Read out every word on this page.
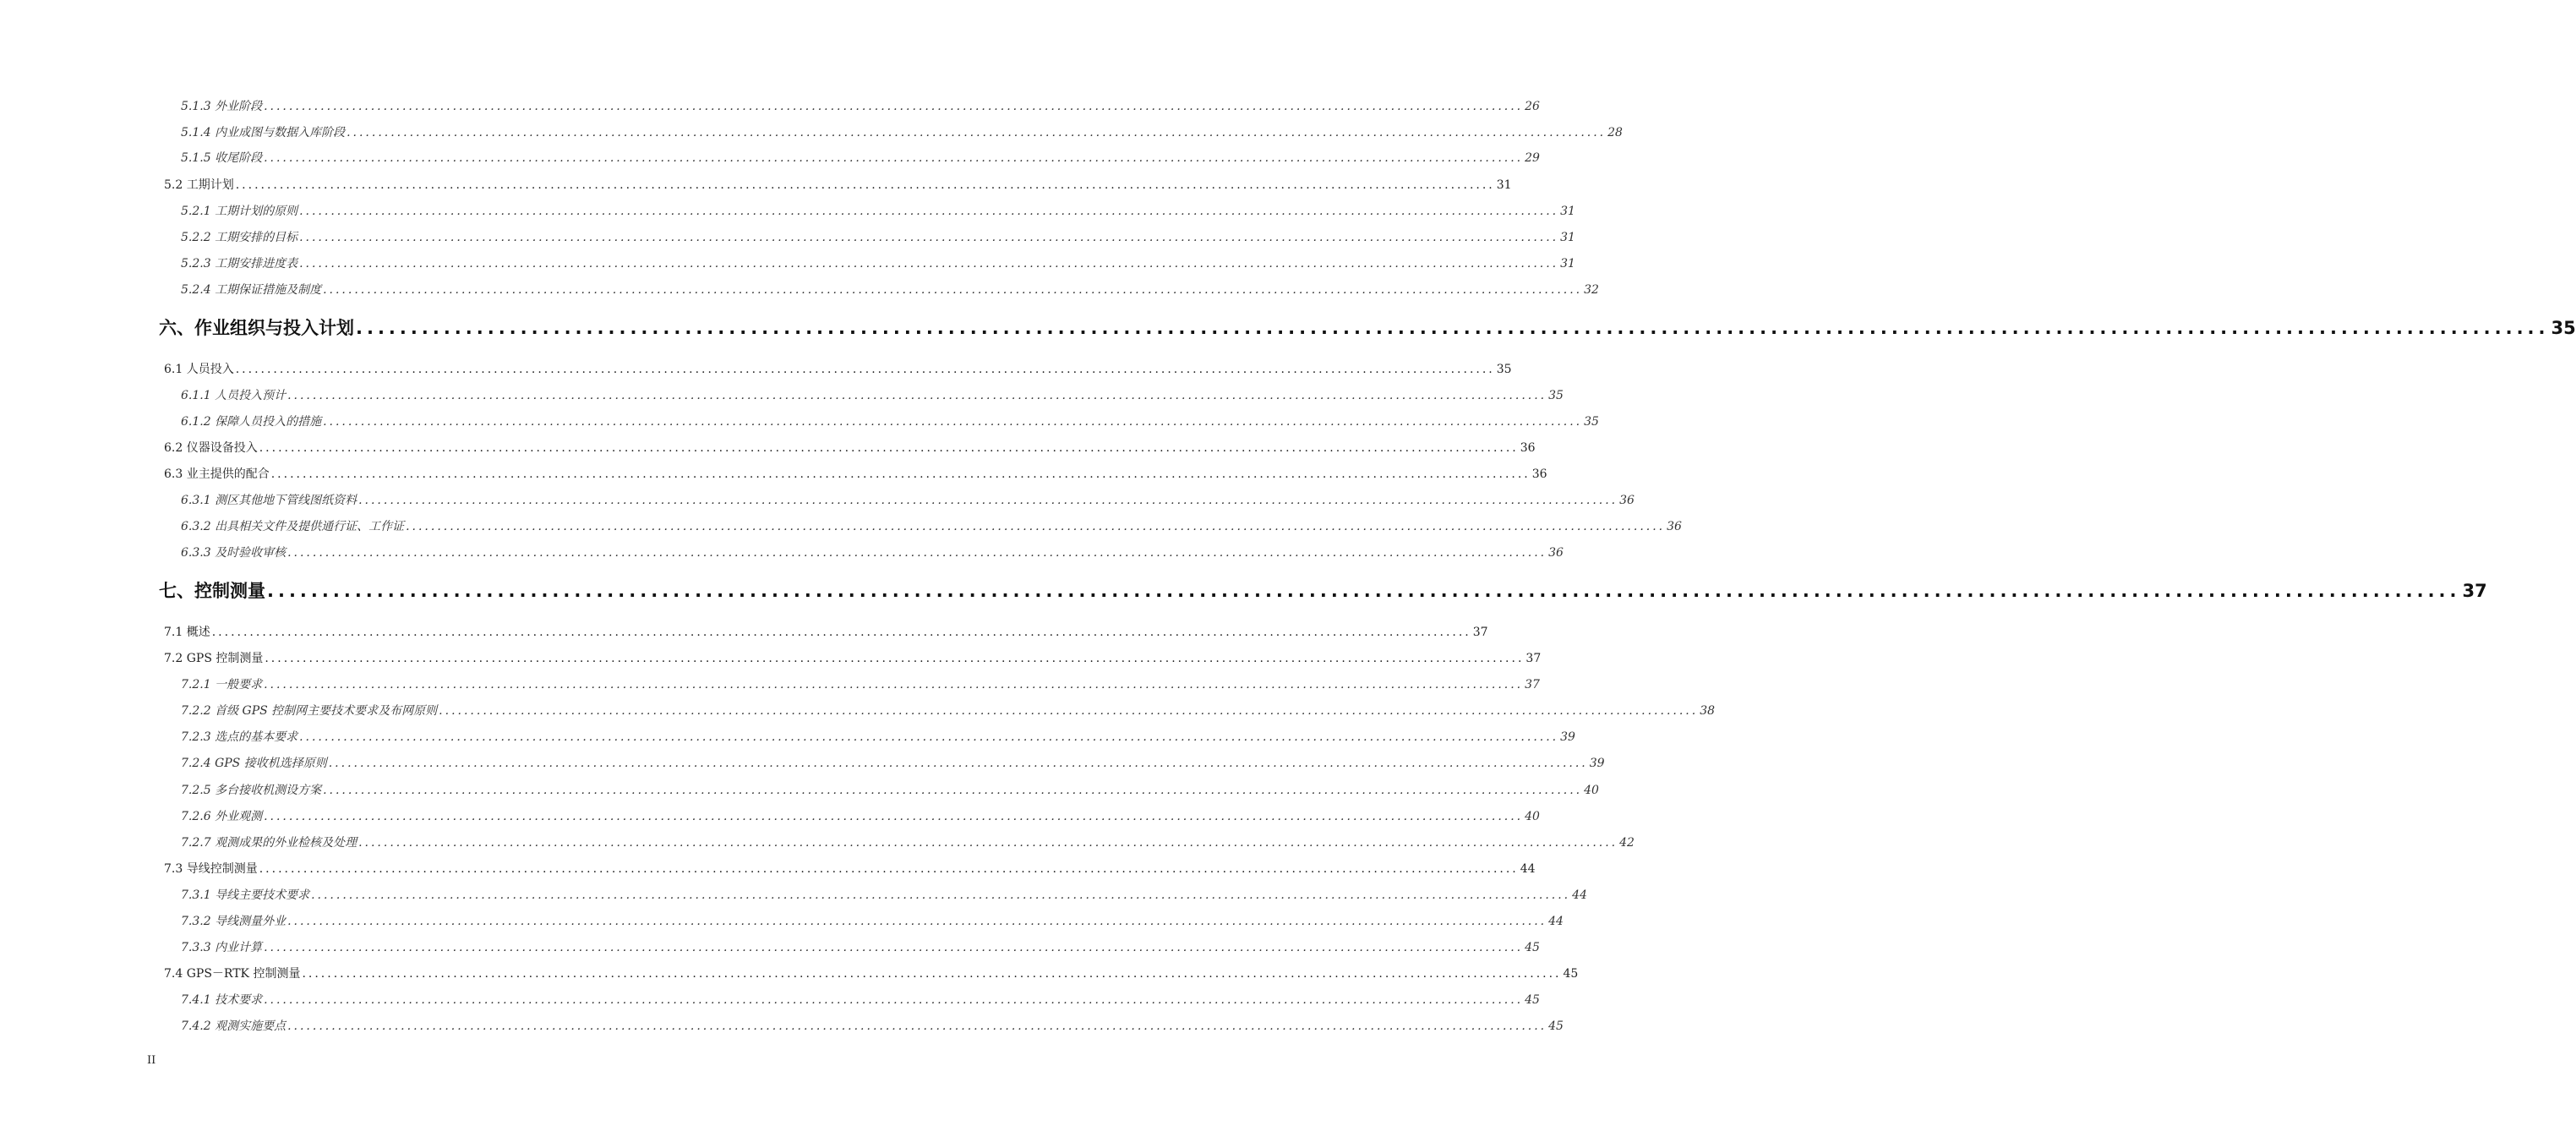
5.1.3 外业阶段 ........................................................................................................................................................................................................ 26
5.1.4 内业成图与数据入库阶段 ........................................................................................................................................................................................................ 28
5.1.5 收尾阶段 ........................................................................................................................................................................................................ 29
5.2 工期计划 ........................................................................................................................................................................................................ 31
5.2.1 工期计划的原则 ........................................................................................................................................................................................................ 31
5.2.2 工期安排的目标 ........................................................................................................................................................................................................ 31
5.2.3 工期安排进度表 ........................................................................................................................................................................................................ 31
5.2.4 工期保证措施及制度 ........................................................................................................................................................................................................ 32
六、作业组织与投入计划 ........................................................................................................................................................................................................ 35
6.1 人员投入 ........................................................................................................................................................................................................ 35
6.1.1 人员投入预计 ........................................................................................................................................................................................................ 35
6.1.2 保障人员投入的措施 ........................................................................................................................................................................................................ 35
6.2 仪器设备投入 ........................................................................................................................................................................................................ 36
6.3 业主提供的配合 ........................................................................................................................................................................................................ 36
6.3.1 测区其他地下管线图纸资料 ........................................................................................................................................................................................................ 36
6.3.2 出具相关文件及提供通行证、工作证 ........................................................................................................................................................................................................ 36
6.3.3 及时验收审核 ........................................................................................................................................................................................................ 36
七、控制测量 ........................................................................................................................................................................................................ 37
7.1 概述 ........................................................................................................................................................................................................ 37
7.2 GPS 控制测量 ........................................................................................................................................................................................................ 37
7.2.1 一般要求 ........................................................................................................................................................................................................ 37
7.2.2 首级 GPS 控制网主要技术要求及布网原则 ........................................................................................................................................................................................................ 38
7.2.3 选点的基本要求 ........................................................................................................................................................................................................ 39
7.2.4 GPS 接收机选择原则 ........................................................................................................................................................................................................ 39
7.2.5 多台接收机测设方案 ........................................................................................................................................................................................................ 40
7.2.6 外业观测 ........................................................................................................................................................................................................ 40
7.2.7 观测成果的外业检核及处理 ........................................................................................................................................................................................................ 42
7.3 导线控制测量 ........................................................................................................................................................................................................ 44
7.3.1 导线主要技术要求 ........................................................................................................................................................................................................ 44
7.3.2 导线测量外业 ........................................................................................................................................................................................................ 44
7.3.3 内业计算 ........................................................................................................................................................................................................ 45
7.4 GPS－RTK 控制测量 ........................................................................................................................................................................................................ 45
7.4.1 技术要求 ........................................................................................................................................................................................................ 45
7.4.2 观测实施要点 ........................................................................................................................................................................................................ 45
II
